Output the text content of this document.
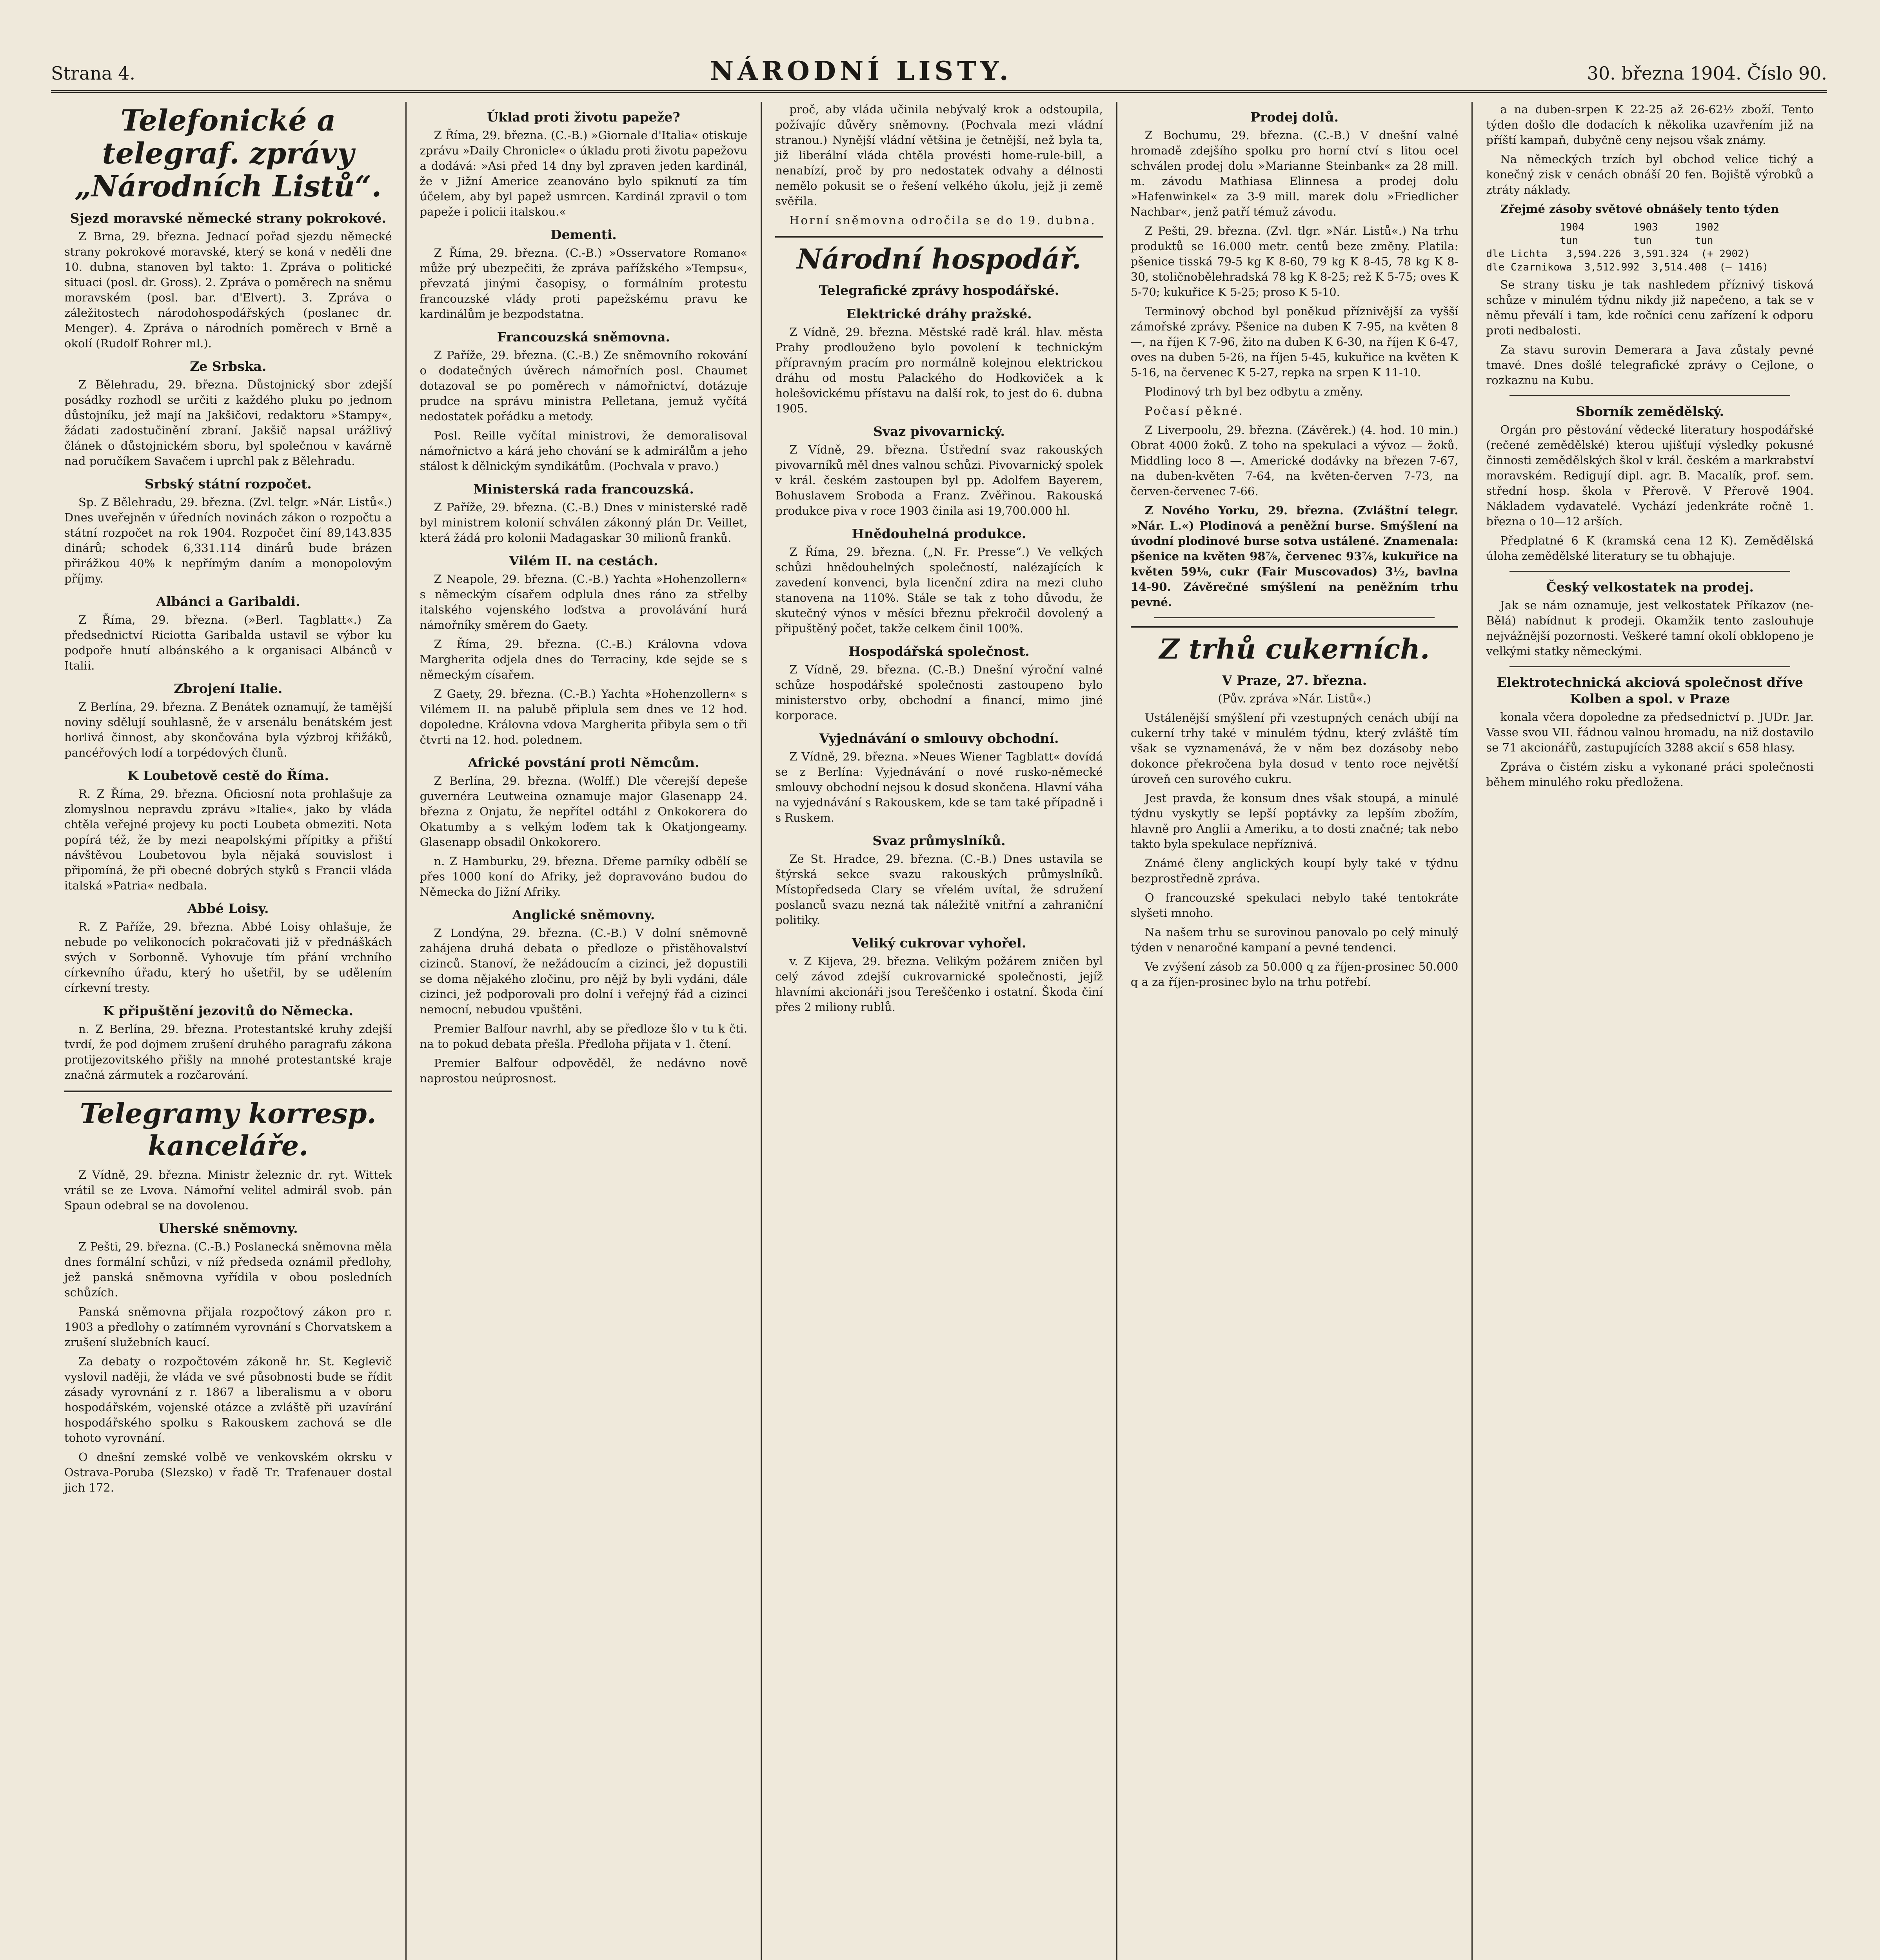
Strana 4.	NÁRODNÍ LISTY.	30. března 1904. Číslo 90.
Telefonické a telegraf. zprávy „Národních Listů“.
Sjezd moravské německé strany pokrokové.

Z Brna, 29. března. Jednací pořad sjezdu německé strany pokrokové moravské, který se koná v neděli dne 10. dubna, stanoven byl takto: 1. Zpráva o politické situaci (posl. dr. Gross). 2. Zpráva o poměrech na sněmu moravském (posl. bar. d'Elvert). 3. Zpráva o záležitostech národohospodářských (poslanec dr. Menger). 4. Zpráva o národních poměrech v Brně a okolí (Rudolf Rohrer ml.).

Ze Srbska.

Z Bělehradu, 29. března. Důstojnický sbor zdejší posádky rozhodl se určiti z každého pluku po jednom důstojníku, jež mají na Jakšičovi, redaktoru »Stampy«, žádati zadostučinění zbraní. Jakšič napsal urážlivý článek o důstojnickém sboru, byl společnou v kavárně nad poručíkem Savačem i uprchl pak z Bělehradu.

Srbský státní rozpočet.

Sp. Z Bělehradu, 29. března. (Zvl. telgr. »Nár. Listů«.) Dnes uveřejněn v úředních novinách zákon o rozpočtu a státní rozpočet na rok 1904. Rozpočet činí 89,143.835 dinárů; schodek 6,331.114 dinárů bude brázen přirážkou 40% k nepřímým daním a monopolovým příjmy.

Albánci a Garibaldi.

Z Říma, 29. března. (»Berl. Tagblatt«.) Za předsednictví Riciotta Garibalda ustavil se výbor ku podpoře hnutí albánského a k organisaci Albánců v Italii.

Zbrojení Italie.

Z Berlína, 29. března. Z Benátek oznamují, že tamější noviny sdělují souhlasně, že v arsenálu benátském jest horlivá činnost, aby skončována byla výzbroj křižáků, pancéřových lodí a torpédových člunů.

K Loubetově cestě do Říma.

R. Z Říma, 29. března. Oficiosní nota prohlašuje za zlomyslnou nepravdu zprávu »Italie«, jako by vláda chtěla veřejné projevy ku pocti Loubeta obmeziti. Nota popírá též, že by mezi neapolskými přípitky a přiští návštěvou Loubetovou byla nějaká souvislost i připomíná, že při obecné dobrých styků s Francii vláda italská »Patria« nedbala.

Abbé Loisy.

R. Z Paříže, 29. března. Abbé Loisy ohlašuje, že nebude po velikonocích pokračovati již v přednáškách svých v Sorbonně. Vyhovuje tím přání vrchního církevního úřadu, který ho ušetřil, by se udělením církevní tresty.

K připuštění jezovitů do Německa.

n. Z Berlína, 29. března. Protestantské kruhy zdejší tvrdí, že pod dojmem zrušení druhého paragrafu zákona protijezovitského přišly na mnohé protestantské kraje značná zármutek a rozčarování.

Telegramy korresp. kanceláře.

Z Vídně, 29. března. Ministr železnic dr. ryt. Wittek vrátil se ze Lvova. Námořní velitel admirál svob. pán Spaun odebral se na dovolenou.

Uherské sněmovny.

Z Pešti, 29. března. (C.-B.) Poslanecká sněmovna měla dnes formální schůzi, v níž předseda oznámil předlohy, jež panská sněmovna vyřídila v obou posledních schůzích.

Panská sněmovna přijala rozpočtový zákon pro r. 1903 a předlohy o zatímném vyrovnání s Chorvatskem a zrušení služebních kaucí.

Za debaty o rozpočtovém zákoně hr. St. Keglevič vyslovil naději, že vláda ve své působnosti bude se řídit zásady vyrovnání z r. 1867 a liberalismu a v oboru hospodářském, vojenské otázce a zvláště při uzavírání hospodářského spolku s Rakouskem zachová se dle tohoto vyrovnání.

O dnešní zemské volbě ve venkovském okrsku v Ostrava-Poruba (Slezsko) v řadě Tr. Trafenauer dostal jich 172.

Úklad proti životu papeže?

Z Říma, 29. března. (C.-B.) »Giornale d'Italia« otiskuje zprávu »Daily Chronicle« o úkladu proti životu papežovu a dodává: »Asi před 14 dny byl zpraven jeden kardinál, že v Jižní Americe zeanováno bylo spiknutí za tím účelem, aby byl papež usmrcen. Kardinál zpravil o tom papeže i policii italskou.«

Dementi.

Z Říma, 29. března. (C.-B.) »Osservatore Romano« může prý ubezpečiti, že zpráva pařížského »Tempsu«, převzatá jinými časopisy, o formálním protestu francouzské vlády proti papežskému pravu ke kardinálům je bezpodstatna.

Francouzská sněmovna.

Z Paříže, 29. března. (C.-B.) Ze sněmovního rokování o dodatečných úvěrech námořních posl. Chaumet dotazoval se po poměrech v námořnictví, dotázuje prudce na správu ministra Pelletana, jemuž vyčítá nedostatek pořádku a metody.

Posl. Reille vyčítal ministrovi, že demoralisoval námořnictvo a kárá jeho chování se k admirálům a jeho stálost k dělnickým syndikátům. (Pochvala v pravo.)

Ministerská rada francouzská.

Z Paříže, 29. března. (C.-B.) Dnes v ministerské radě byl ministrem kolonií schválen zákonný plán Dr. Veillet, která žádá pro kolonii Madagaskar 30 milionů franků.

Vilém II. na cestách.

Z Neapole, 29. března. (C.-B.) Yachta »Hohenzollern« s německým císařem odplula dnes ráno za střelby italského vojenského loďstva a provolávání hurá námořníky směrem do Gaety.

Z Říma, 29. března. (C.-B.) Královna vdova Margherita odjela dnes do Terraciny, kde sejde se s německým císařem.

Z Gaety, 29. března. (C.-B.) Yachta »Hohenzollern« s Vilémem II. na palubě připlula sem dnes ve 12 hod. dopoledne. Královna vdova Margherita přibyla sem o tři čtvrti na 12. hod. polednem.

Africké povstání proti Němcům.

Z Berlína, 29. března. (Wolff.) Dle včerejší depeše guvernéra Leutweina oznamuje major Glasenapp 24. března z Onjatu, že nepřítel odtáhl z Onkokorera do Okatumby a s velkým loďem tak k Okatjongeamy. Glasenapp obsadil Onkokorero.

n. Z Hamburku, 29. března. Dřeme parníky odbělí se přes 1000 koní do Afriky, jež dopravováno budou do Německa do Jižní Afriky.

Anglické sněmovny.

Z Londýna, 29. března. (C.-B.) V dolní sněmovně zahájena druhá debata o předloze o přistěhovalství cizinců. Stanoví, že nežádoucím a cizinci, jež dopustili se doma nějakého zločinu, pro nějž by byli vydáni, dále cizinci, jež podporovali pro dolní i veřejný řád a cizinci nemocní, nebudou vpuštěni.

Premier Balfour navrhl, aby se předloze šlo v tu k čti. na to pokud debata přešla. Předloha přijata v 1. čtení.

Premier Balfour odpověděl, že nedávno nově naprostou neúprosnost.

proč, aby vláda učinila nebývalý krok a odstoupila, požívajíc důvěry sněmovny. (Pochvala mezi vládní stranou.) Nynější vládní většina je četnější, než byla ta, již liberální vláda chtěla provésti home-rule-bill, a nenabízí, proč by pro nedostatek odvahy a délnosti nemělo pokusit se o řešení velkého úkolu, jejž ji země svěřila.

Horní sněmovna odročila se do 19. dubna.

Národní hospodář.
Telegrafické zprávy hospodářské.
Elektrické dráhy pražské.

Z Vídně, 29. března. Městské radě král. hlav. města Prahy prodlouženo bylo povolení k technickým přípravným pracím pro normálně kolejnou elektrickou dráhu od mostu Palackého do Hodkoviček a k holešovickému přístavu na další rok, to jest do 6. dubna 1905.

Svaz pivovarnický.

Z Vídně, 29. března. Ústřední svaz rakouských pivovarníků měl dnes valnou schůzi. Pivovarnický spolek v král. českém zastoupen byl pp. Adolfem Bayerem, Bohuslavem Sroboda a Franz. Zvěřinou. Rakouská produkce piva v roce 1903 činila asi 19,700.000 hl.

Hnědouhelná produkce.

Z Říma, 29. března. („N. Fr. Presse“.) Ve velkých schůzi hnědouhelných společností, nalézajících k zavedení konvenci, byla licenční zdira na mezi cluho stanovena na 110%. Stále se tak z toho důvodu, že skutečný výnos v měsíci březnu překročil dovolený a připuštěný počet, takže celkem činil 100%.

Hospodářská společnost.

Z Vídně, 29. března. (C.-B.) Dnešní výroční valné schůze hospodářské společnosti zastoupeno bylo ministerstvo orby, obchodní a financí, mimo jiné korporace.

Vyjednávání o smlouvy obchodní.

Z Vídně, 29. března. »Neues Wiener Tagblatt« dovídá se z Berlína: Vyjednávání o nové rusko-německé smlouvy obchodní nejsou k dosud skončena. Hlavní váha na vyjednávání s Rakouskem, kde se tam také případně i s Ruskem.

Svaz průmyslníků.

Ze St. Hradce, 29. března. (C.-B.) Dnes ustavila se štýrská sekce svazu rakouských průmyslníků. Místopředseda Clary se vřelém uvítal, že sdružení poslanců svazu nezná tak náležitě vnitřní a zahraniční politiky.

Veliký cukrovar vyhořel.

v. Z Kijeva, 29. března. Velikým požárem zničen byl celý závod zdejší cukrovarnické společnosti, jejíž hlavními akcionáři jsou Tereščenko i ostatní. Škoda činí přes 2 miliony rublů.

Prodej dolů.

Z Bochumu, 29. března. (C.-B.) V dnešní valné hromadě zdejšího spolku pro horní ctví s litou ocel schválen prodej dolu »Marianne Steinbank« za 28 mill. m. závodu Mathiasa Elinnesa a prodej dolu »Hafenwinkel« za 3-9 mill. marek dolu »Friedlicher Nachbar«, jenž patří témuž závodu.

Z Pešti, 29. března. (Zvl. tlgr. »Nár. Listů«.) Na trhu produktů se 16.000 metr. centů beze změny. Platila: pšenice tisská 79-5 kg K 8-60, 79 kg K 8-45, 78 kg K 8-30, stoličnobělehradská 78 kg K 8-25; rež K 5-75; oves K 5-70; kukuřice K 5-25; proso K 5-10.

Terminový obchod byl poněkud příznivější za vyšší zámořské zprávy. Pšenice na duben K 7-95, na květen 8 —, na říjen K 7-96, žito na duben K 6-30, na říjen K 6-47, oves na duben 5-26, na říjen 5-45, kukuřice na květen K 5-16, na červenec K 5-27, repka na srpen K 11-10.

Plodinový trh byl bez odbytu a změny.

Počasí pěkné.

Z Liverpoolu, 29. března. (Závěrek.) (4. hod. 10 min.) Obrat 4000 žoků. Z toho na spekulaci a vývoz — žoků. Middling loco 8 —. Americké dodávky na březen 7-67, na duben-květen 7-64, na květen-červen 7-73, na červen-červenec 7-66.

Z Nového Yorku, 29. března. (Zvláštní telegr. »Nár. L.«) Plodinová a peněžní burse. Smýšlení na úvodní plodinové burse sotva ustálené. Znamenala: pšenice na květen 98⅞, červenec 93⅞, kukuřice na květen 59⅛, cukr (Fair Muscovados) 3½, bavlna 14-90. Závěrečné smýšlení na peněžním trhu pevné.

Z trhů cukerních.
V Praze, 27. března.

(Pův. zpráva »Nár. Listů«.)

Ustálenější smýšlení při vzestupných cenách ubíjí na cukerní trhy také v minulém týdnu, který zvláště tím však se vyznamenává, že v něm bez dozásoby nebo dokonce překročena byla dosud v tento roce největší úroveň cen surového cukru.

Jest pravda, že konsum dnes však stoupá, a minulé týdnu vyskytly se lepší poptávky za lepším zbožím, hlavně pro Anglii a Ameriku, a to dosti značné; tak nebo takto byla spekulace nepříznivá.

Známé členy anglických koupí byly také v týdnu bezprostředně zpráva.

O francouzské spekulaci nebylo také tentokráte slyšeti mnoho.

Na našem trhu se surovinou panovalo po celý minulý týden v nenaročné kampaní a pevné tendenci.

Ve zvýšení zásob za 50.000 q za říjen-prosinec 50.000 q a za říjen-prosinec bylo na trhu potřebí.

a na duben-srpen K 22-25 až 26-62½ zboží. Tento týden došlo dle dodacích k několika uzavřením již na příští kampaň, dubyčně ceny nejsou však známy.

Na německých trzích byl obchod velice tichý a konečný zisk v cenách obnáší 20 fen. Bojiště výrobků a ztráty náklady.

Zřejmé zásoby světové obnášely tento týden

1904        1903      1902
tun         tun       tun
dle Lichta   3,594.226  3,591.324  (+ 2902)
dle Czarnikowa  3,512.992  3,514.408  (— 1416)

Se strany tisku je tak nashledem příznivý tisková schůze v minulém týdnu nikdy již napečeno, a tak se v němu převálí i tam, kde ročníci cenu zařízení k odporu proti nedbalosti.

Za stavu surovin Demerara a Java zůstaly pevné tmavé. Dnes došlé telegrafické zprávy o Cejlone, o rozkaznu na Kubu.

Sborník zemědělský.

Orgán pro pěstování vědecké literatury hospodářské (rečené zemědělské) kterou ujišťují výsledky pokusné činnosti zemědělských škol v král. českém a markrabství moravském. Redigují dipl. agr. B. Macalík, prof. sem. střední hosp. škola v Přerově. V Přerově 1904. Nákladem vydavatelé. Vychází jedenkráte ročně 1. března o 10—12 arších.

Předplatné 6 K (kramská cena 12 K). Zemědělská úloha zemědělské literatury se tu obhajuje.

Český velkostatek na prodej.

Jak se nám oznamuje, jest velkostatek Příkazov (ne-Bělá) nabídnut k prodeji. Okamžik tento zaslouhuje nejvážnější pozornosti. Veškeré tamní okolí obklopeno je velkými statky německými.

Elektrotechnická akciová společnost dříve Kolben a spol. v Praze

konala včera dopoledne za předsednictví p. JUDr. Jar. Vasse svou VII. řádnou valnou hromadu, na niž dostavilo se 71 akcionářů, zastupujících 3288 akcií s 658 hlasy.

Zpráva o čistém zisku a vykonané práci společnosti během minulého roku předložena.
